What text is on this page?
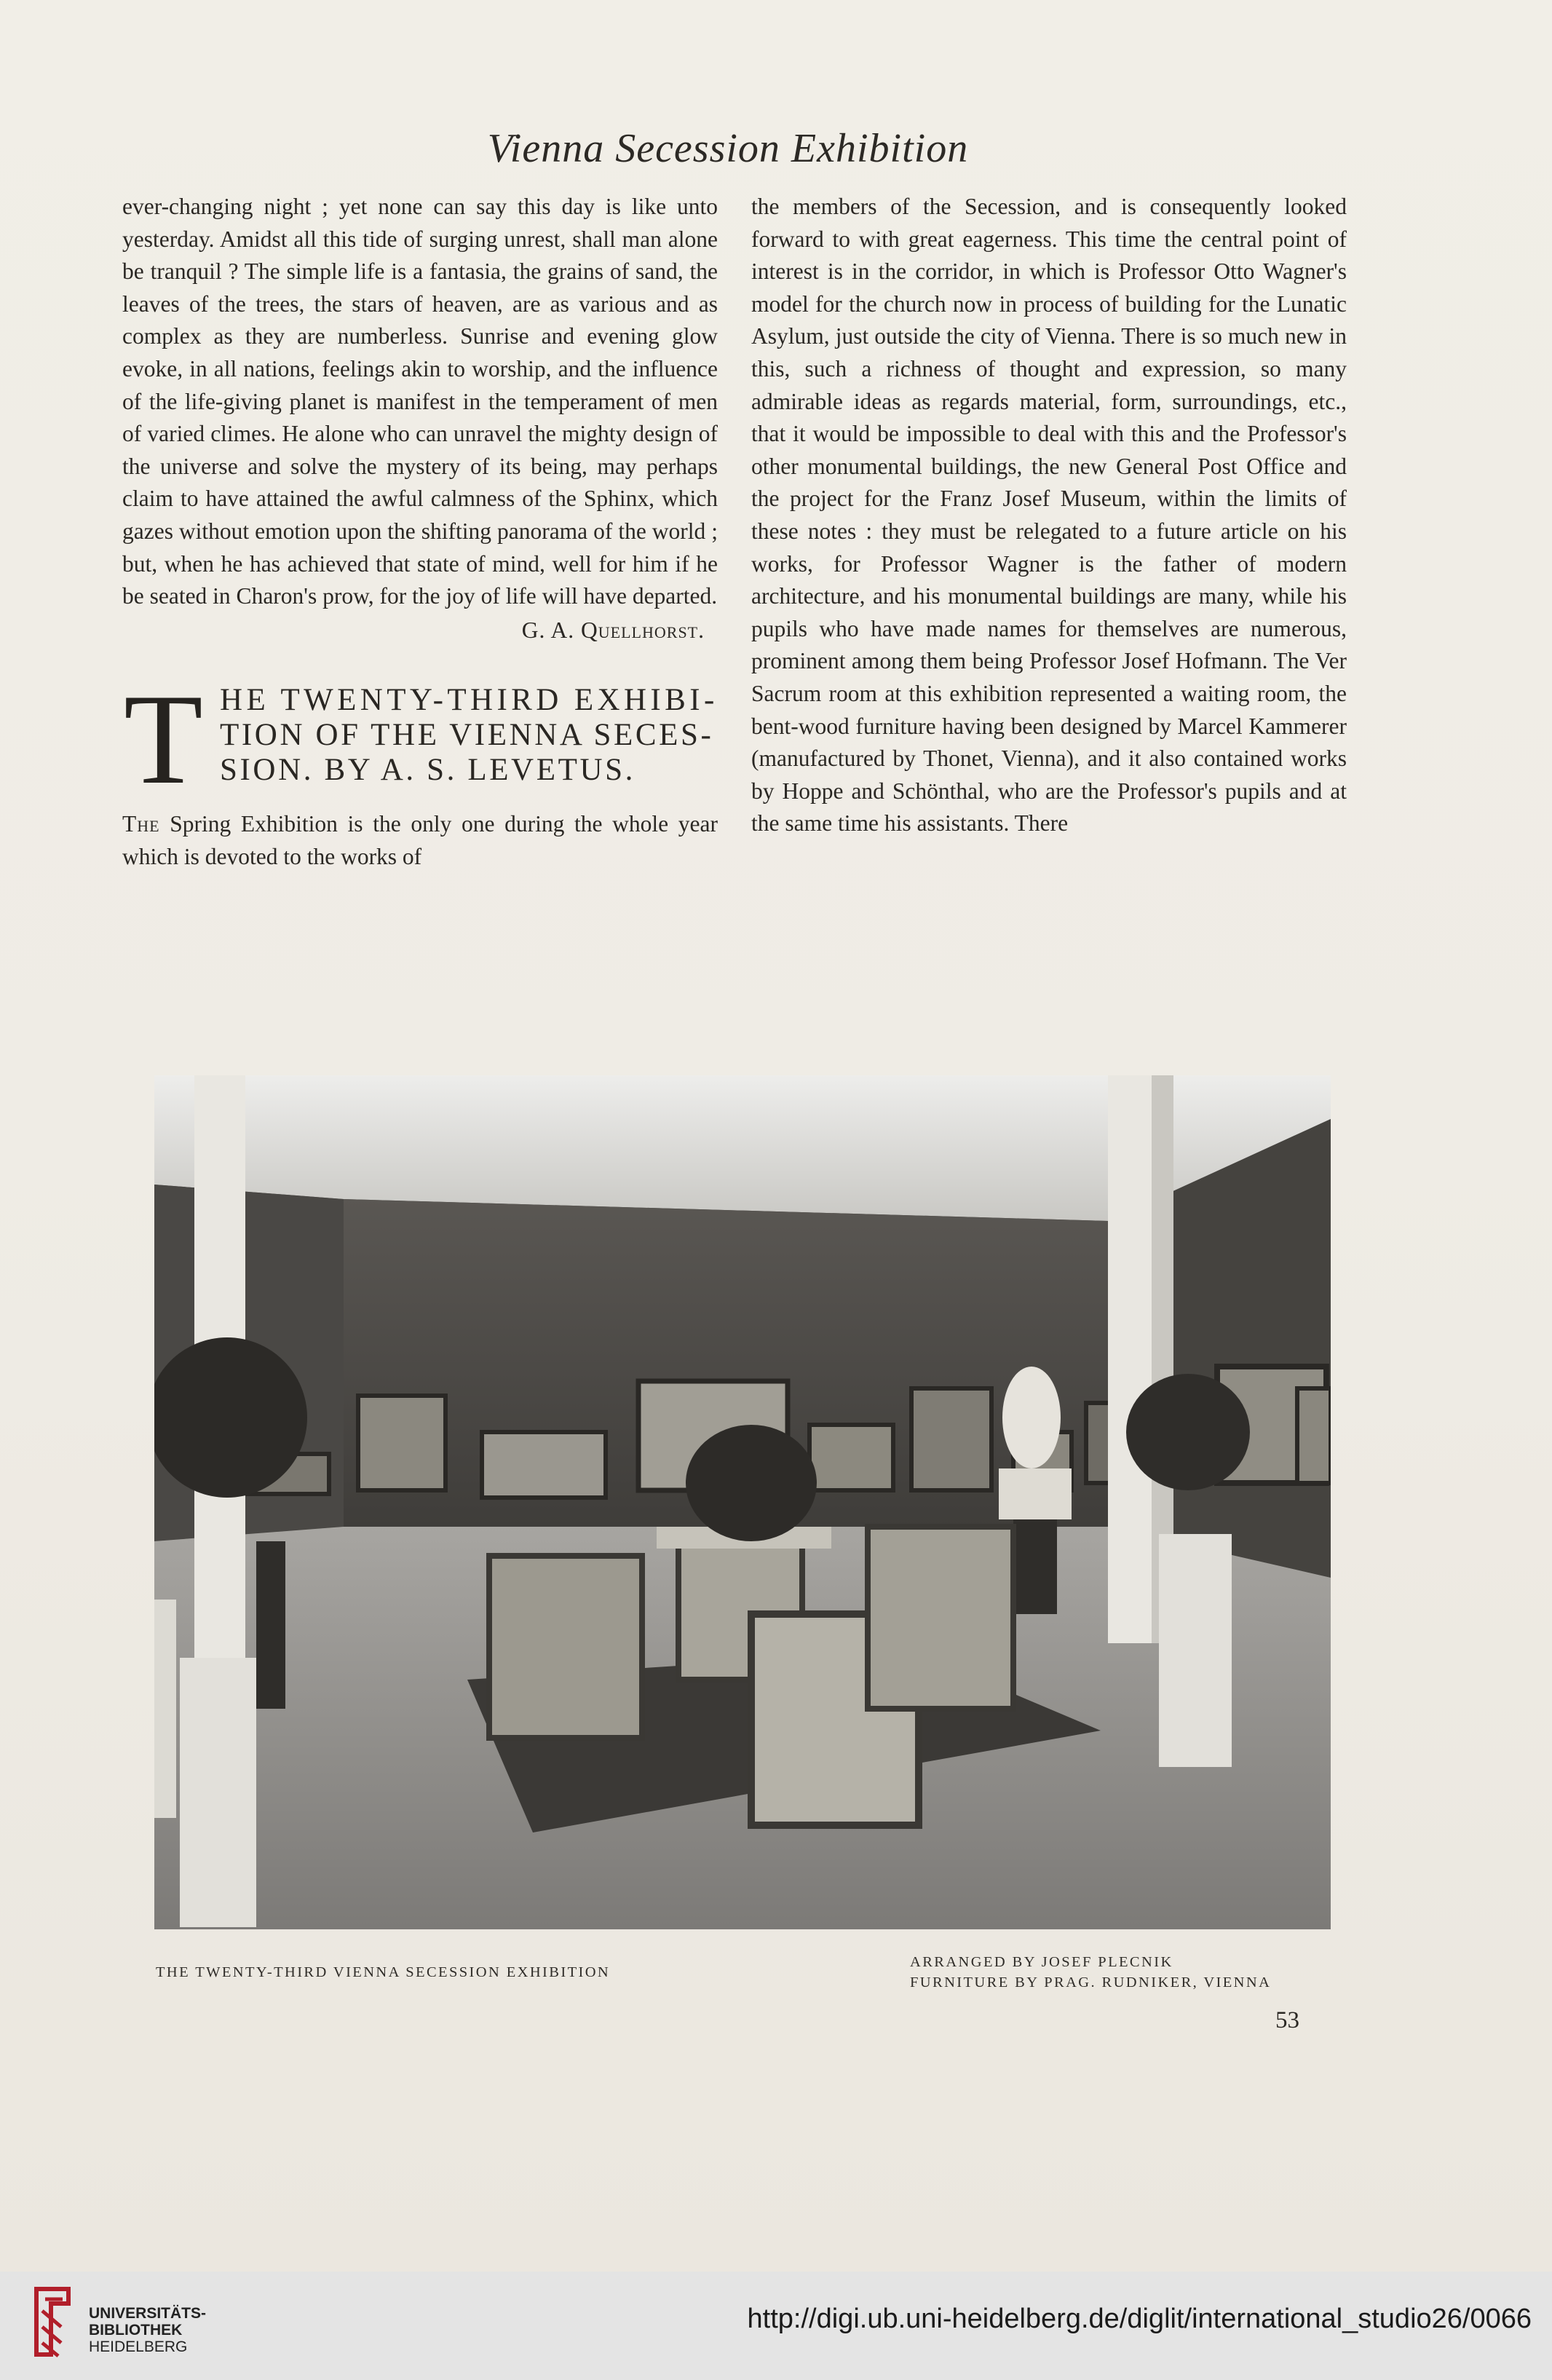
Vienna Secession Exhibition

ever-changing night ; yet none can say this day is like unto yesterday. Amidst all this tide of surging unrest, shall man alone be tranquil ? The simple life is a fantasia, the grains of sand, the leaves of the trees, the stars of heaven, are as various and as complex as they are numberless. Sunrise and evening glow evoke, in all nations, feelings akin to worship, and the influence of the life-giving planet is manifest in the temperament of men of varied climes. He alone who can unravel the mighty design of the universe and solve the mystery of its being, may perhaps claim to have attained the awful calmness of the Sphinx, which gazes without emotion upon the shifting panorama of the world ; but, when he has achieved that state of mind, well for him if he be seated in Charon's prow, for the joy of life will have departed.

G. A. Quellhorst.
T HE TWENTY-THIRD EXHIBI-
TION OF THE VIENNA SECES-
SION. BY A. S. LEVETUS.

The Spring Exhibition is the only one during the whole year which is devoted to the works of

the members of the Secession, and is consequently looked forward to with great eagerness. This time the central point of interest is in the corridor, in which is Professor Otto Wagner's model for the church now in process of building for the Lunatic Asylum, just outside the city of Vienna. There is so much new in this, such a richness of thought and expression, so many admirable ideas as regards material, form, surroundings, etc., that it would be impossible to deal with this and the Professor's other monumental buildings, the new General Post Office and the project for the Franz Josef Museum, within the limits of these notes : they must be relegated to a future article on his works, for Professor Wagner is the father of modern architecture, and his monumental buildings are many, while his pupils who have made names for themselves are numerous, prominent among them being Professor Josef Hofmann. The Ver Sacrum room at this exhibition represented a waiting room, the bent-wood furniture having been designed by Marcel Kammerer (manufactured by Thonet, Vienna), and it also contained works by Hoppe and Schönthal, who are the Professor's pupils and at the same time his assistants. There

THE TWENTY-THIRD VIENNA SECESSION EXHIBITION
ARRANGED BY JOSEF PLECNIK
FURNITURE BY PRAG. RUDNIKER, VIENNA
53
UNIVERSITÄTS-
BIBLIOTHEK
HEIDELBERG
http://digi.ub.uni-heidelberg.de/diglit/international_studio26/0066
